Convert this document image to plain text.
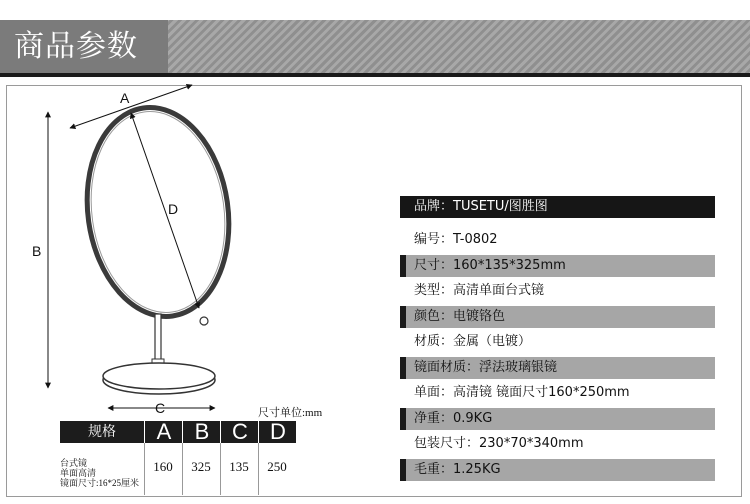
商品参数
A
B
C
D
尺寸单位:mm
规格	A	B	C	D
台式镜
单面高清
镜面尺寸:16*25厘米
160	325	135	250
品牌：TUSETU/图胜图
编号：T-0802
尺寸：160*135*325mm
类型：高清单面台式镜
颜色：电镀铬色
材质：金属（电镀）
镜面材质：浮法玻璃银镜
单面：高清镜 镜面尺寸160*250mm
净重：0.9KG
包装尺寸：230*70*340mm
毛重：1.25KG
